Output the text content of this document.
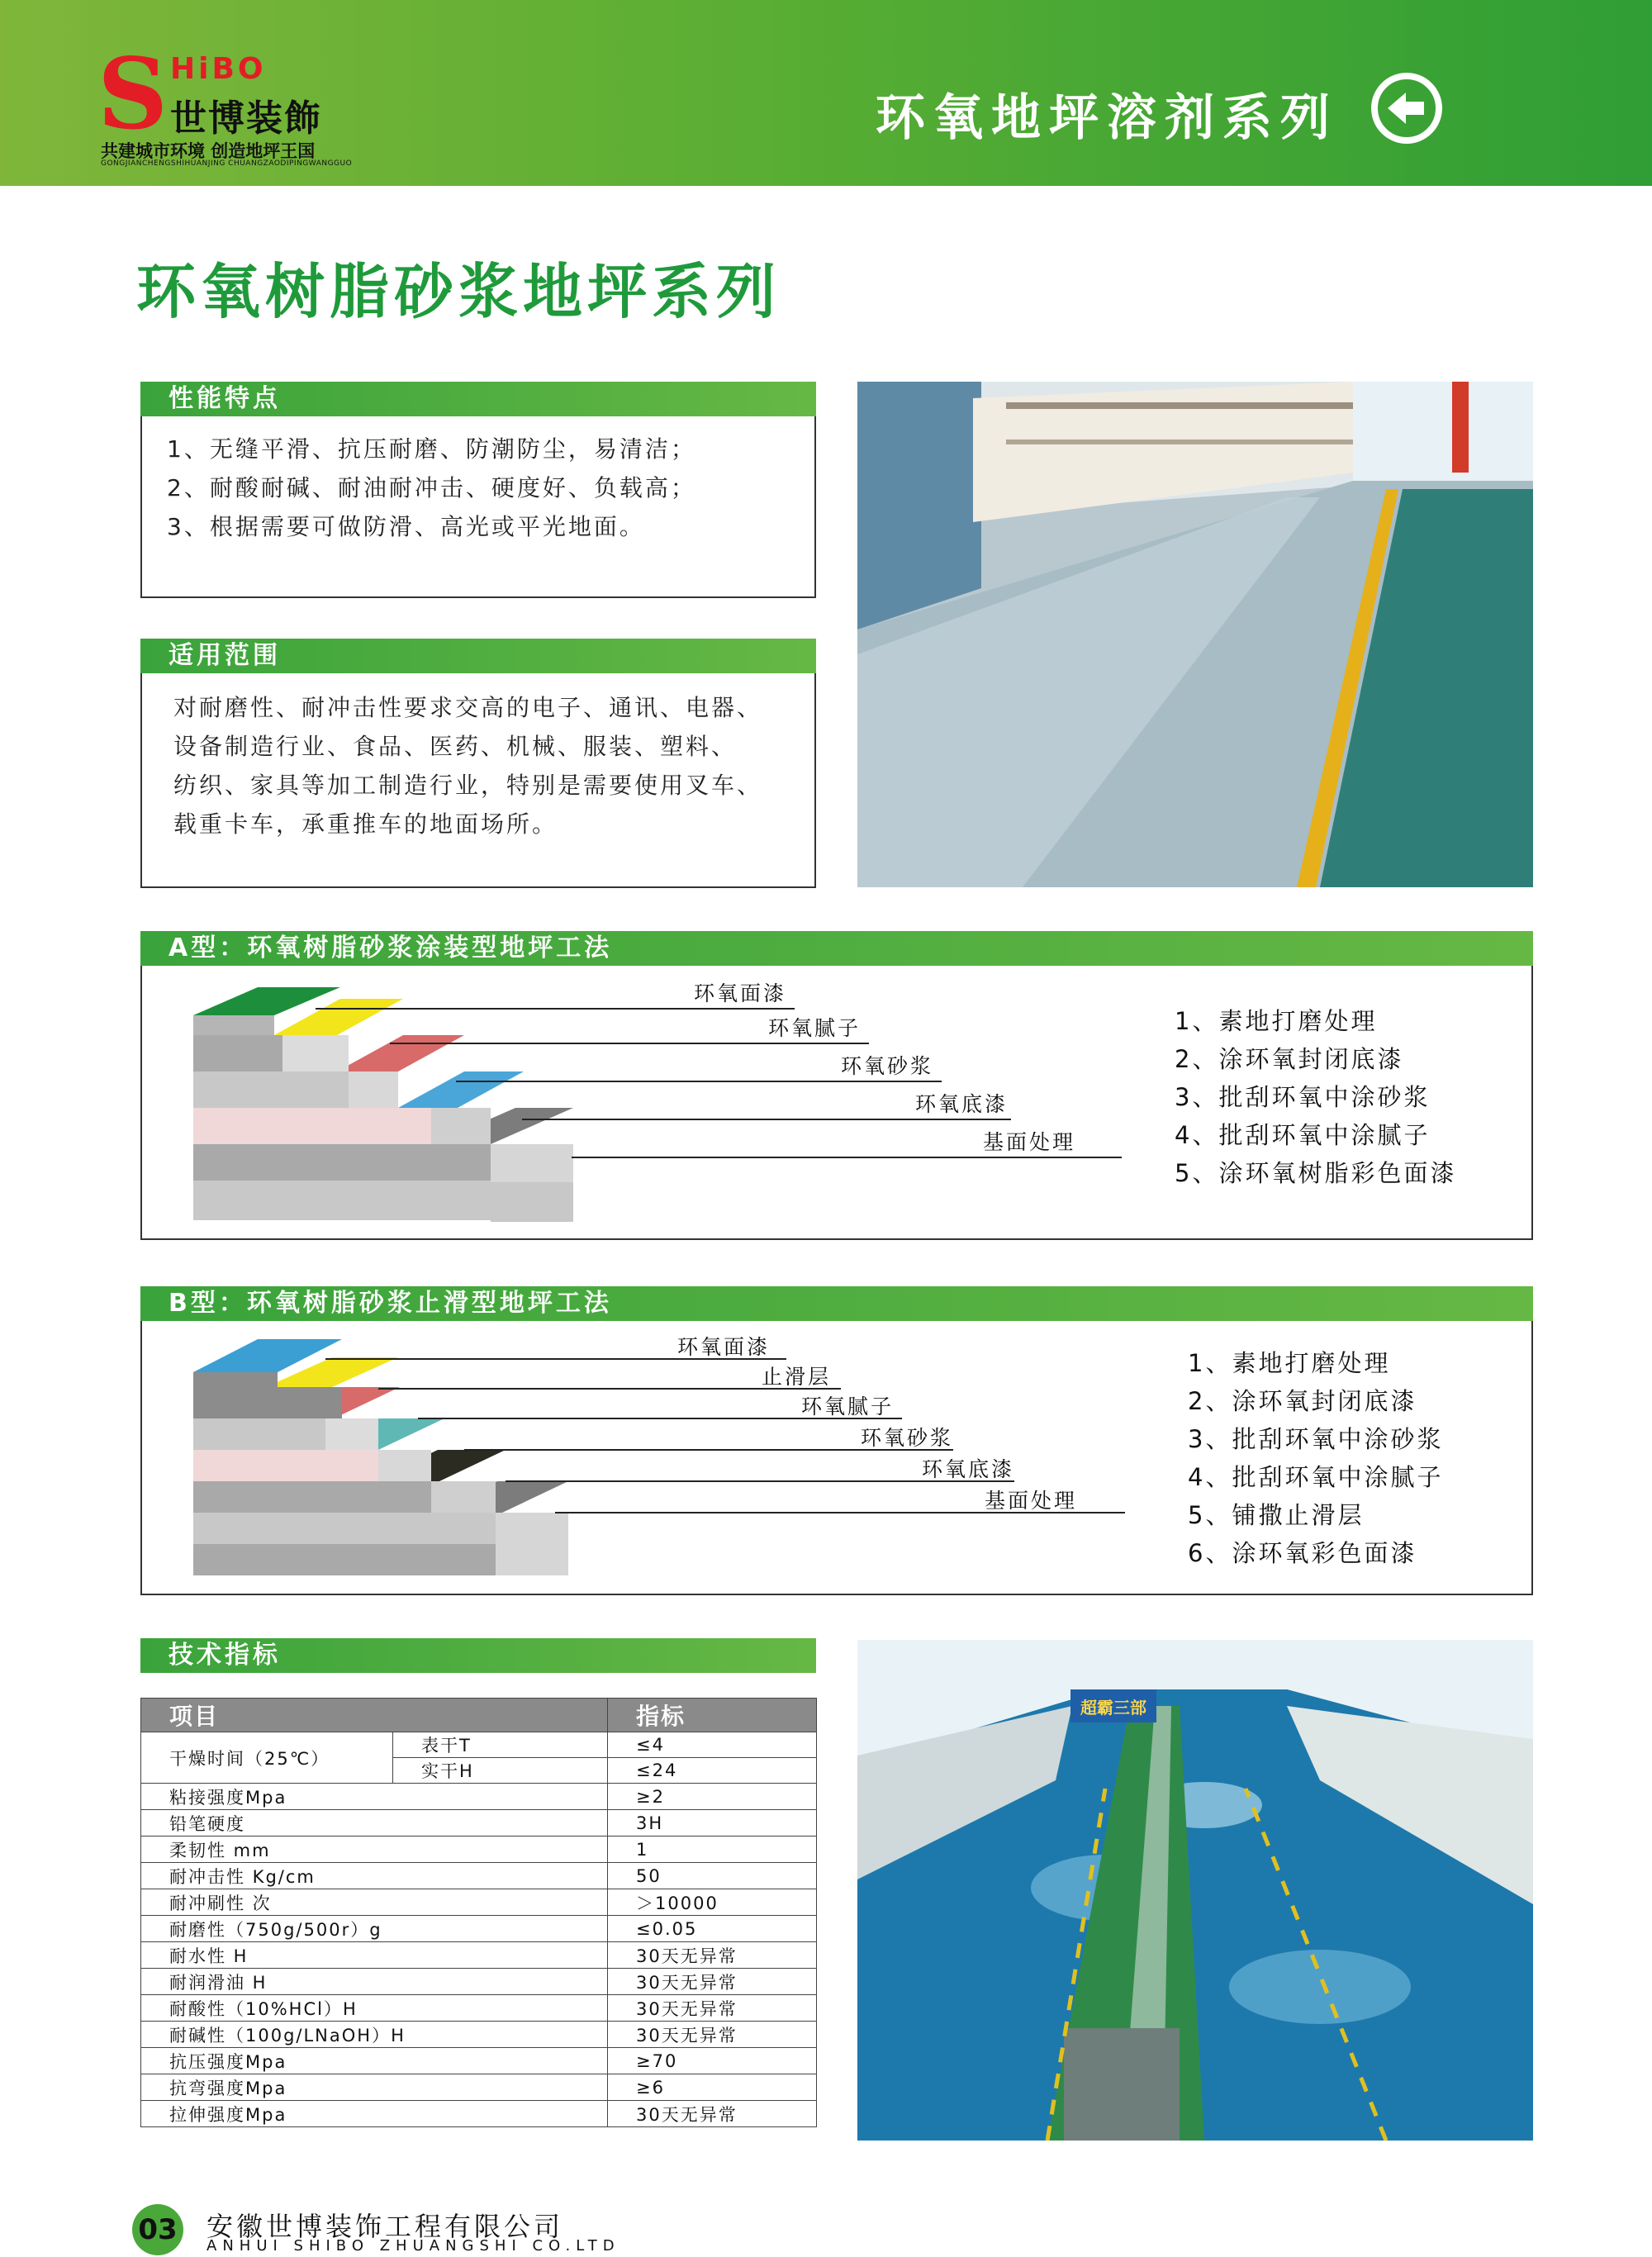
S HiBO
世博装飾
共建城市环境 创造地坪王国
GONGJIANCHENGSHIHUANJING CHUANGZAODIPINGWANGGUO
环氧地坪溶剂系列
环氧树脂砂浆地坪系列
性能特点
1、无缝平滑、抗压耐磨、防潮防尘，易清洁；
2、耐酸耐碱、耐油耐冲击、硬度好、负载高；
3、根据需要可做防滑、高光或平光地面。
适用范围
对耐磨性、耐冲击性要求交高的电子、通讯、电器、
设备制造行业、食品、医药、机械、服装、塑料、
纺织、家具等加工制造行业，特别是需要使用叉车、
载重卡车，承重推车的地面场所。
A型：环氧树脂砂浆涂装型地坪工法
环氧面漆
环氧腻子
环氧砂浆
环氧底漆
基面处理
1、素地打磨处理
2、涂环氧封闭底漆
3、批刮环氧中涂砂浆
4、批刮环氧中涂腻子
5、涂环氧树脂彩色面漆
B型：环氧树脂砂浆止滑型地坪工法
环氧面漆
止滑层
环氧腻子
环氧砂浆
环氧底漆
基面处理
1、素地打磨处理
2、涂环氧封闭底漆
3、批刮环氧中涂砂浆
4、批刮环氧中涂腻子
5、铺撒止滑层
6、涂环氧彩色面漆
技术指标
项目		指标
干燥时间（25℃）	表干T	≤4
	实干H	≤24
粘接强度Mpa		≥2
铅笔硬度		3H
柔韧性 mm		1
耐冲击性 Kg/cm		50
耐冲刷性 次		＞10000
耐磨性（750g/500r）g		≤0.05
耐水性 H		30天无异常
耐润滑油 H		30天无异常
耐酸性（10%HCl）H		30天无异常
耐碱性（100g/LNaOH）H		30天无异常
抗压强度Mpa		≥70
抗弯强度Mpa		≥6
拉伸强度Mpa		30天无异常
超霸三部
03 安徽世博装饰工程有限公司
ANHUI SHIBO ZHUANGSHI CO.LTD
